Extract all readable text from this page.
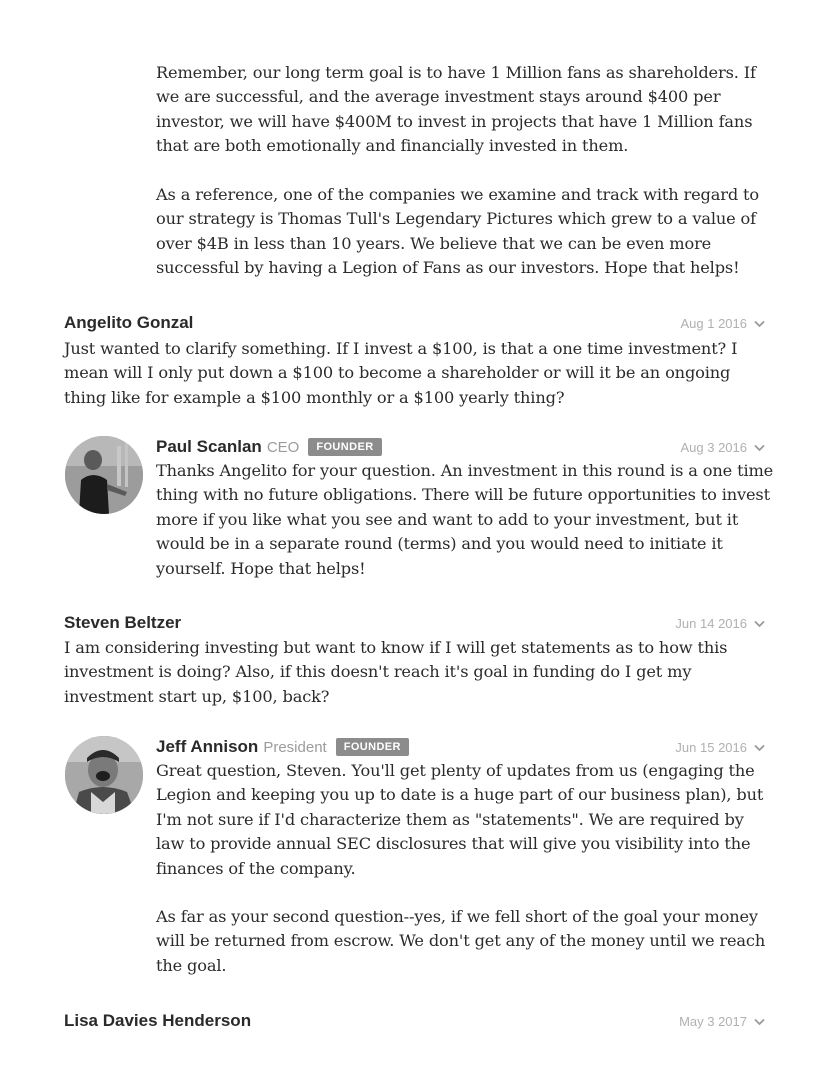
Remember, our long term goal is to have 1 Million fans as shareholders. If we are successful, and the average investment stays around $400 per investor, we will have $400M to invest in projects that have 1 Million fans that are both emotionally and financially invested in them.

As a reference, one of the companies we examine and track with regard to our strategy is Thomas Tull's Legendary Pictures which grew to a value of over $4B in less than 10 years. We believe that we can be even more successful by having a Legion of Fans as our investors. Hope that helps!

Angelito Gonzal	Aug 1 2016

Just wanted to clarify something. If I invest a $100, is that a one time investment? I mean will I only put down a $100 to become a shareholder or will it be an ongoing thing like for example a $100 monthly or a $100 yearly thing?

Paul Scanlan CEO	FOUNDER	Aug 3 2016

Thanks Angelito for your question. An investment in this round is a one time thing with no future obligations. There will be future opportunities to invest more if you like what you see and want to add to your investment, but it would be in a separate round (terms) and you would need to initiate it yourself. Hope that helps!

Steven Beltzer	Jun 14 2016

I am considering investing but want to know if I will get statements as to how this investment is doing? Also, if this doesn't reach it's goal in funding do I get my investment start up, $100, back?

Jeff Annison President	FOUNDER	Jun 15 2016

Great question, Steven. You'll get plenty of updates from us (engaging the Legion and keeping you up to date is a huge part of our business plan), but I'm not sure if I'd characterize them as "statements". We are required by law to provide annual SEC disclosures that will give you visibility into the finances of the company.

As far as your second question--yes, if we fell short of the goal your money will be returned from escrow. We don't get any of the money until we reach the goal.

Lisa Davies Henderson	May 3 2017
